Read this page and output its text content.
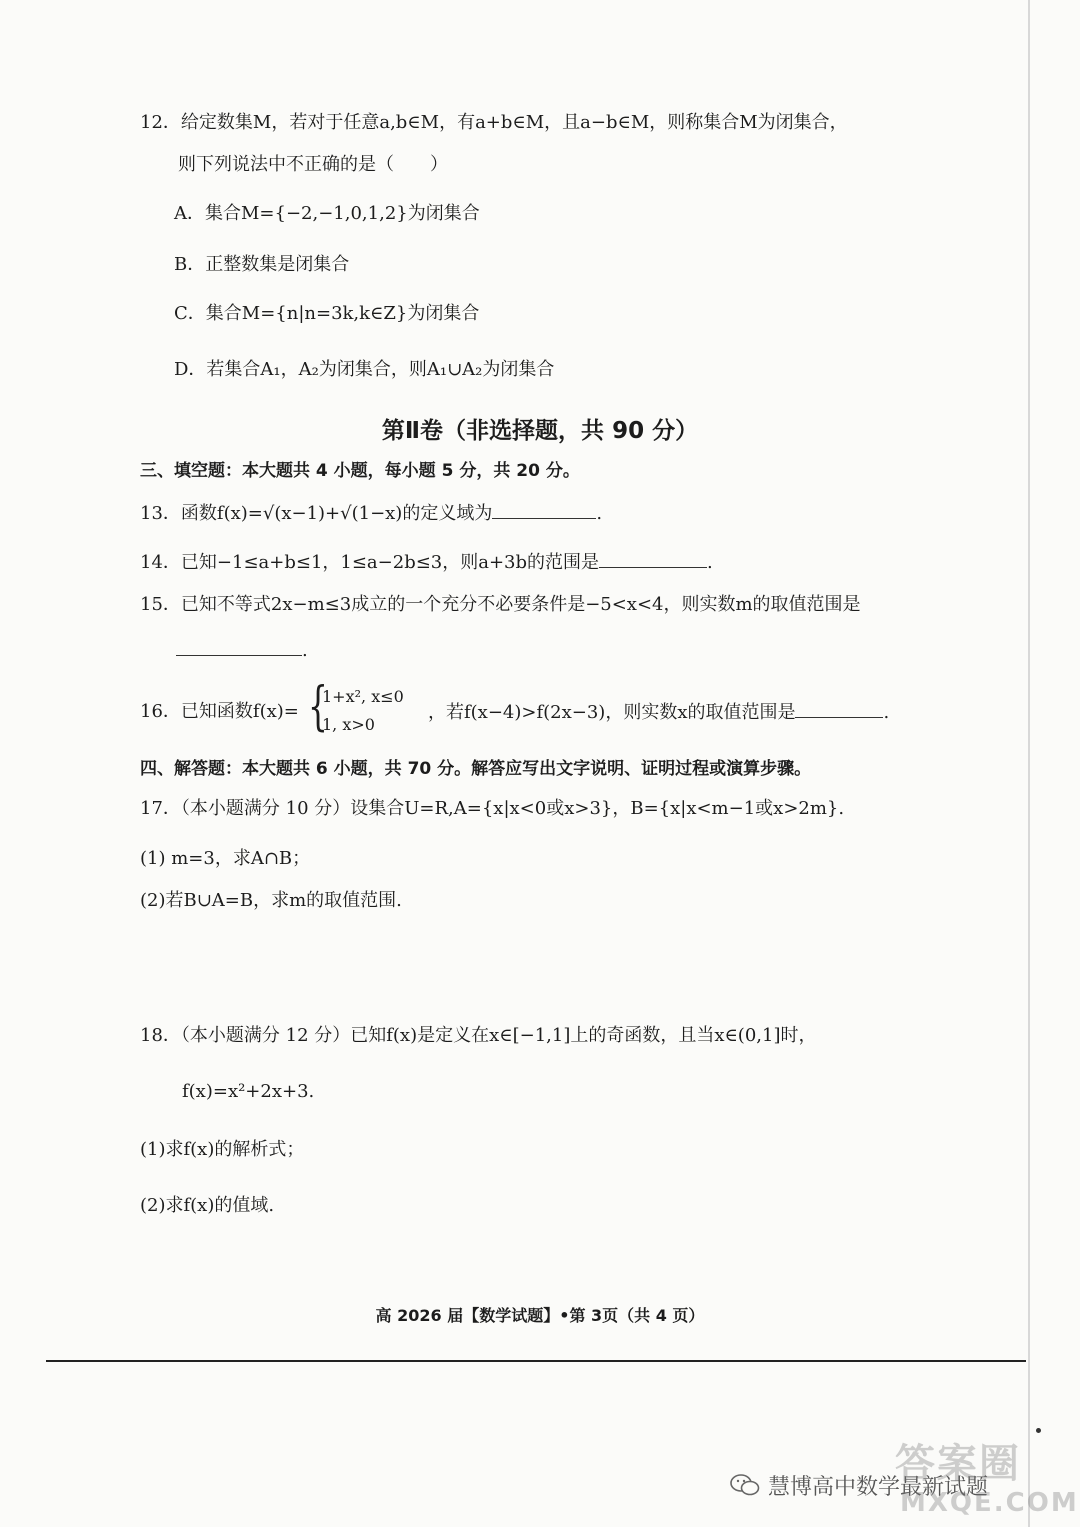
12．给定数集M，若对于任意a,b∈M，有a+b∈M，且a−b∈M，则称集合M为闭集合，
则下列说法中不正确的是（　　）
A．集合M={−2,−1,0,1,2}为闭集合
B．正整数集是闭集合
C．集合M={n|n=3k,k∈Z}为闭集合
D．若集合A₁，A₂为闭集合，则A₁∪A₂为闭集合
第Ⅱ卷（非选择题，共 90 分）
三、填空题：本大题共 4 小题，每小题 5 分，共 20 分。
13．函数f(x)=√(x−1)+√(1−x)的定义域为	.
14．已知−1≤a+b≤1，1≤a−2b≤3，则a+3b的范围是	.
15．已知不等式2x−m≤3成立的一个充分不必要条件是−5<x<4，则实数m的取值范围是
.
16．已知函数f(x)= {
1+x², x≤0
1, x>0
，若f(x−4)>f(2x−3)，则实数x的取值范围是	.
四、解答题：本大题共 6 小题，共 70 分。解答应写出文字说明、证明过程或演算步骤。
17．（本小题满分 10 分）设集合U=R,A={x|x<0或x>3}，B={x|x<m−1或x>2m}.
(1) m=3，求A∩B；
(2)若B∪A=B，求m的取值范围.
18．（本小题满分 12 分）已知f(x)是定义在x∈[−1,1]上的奇函数，且当x∈(0,1]时，
f(x)=x²+2x+3.
(1)求f(x)的解析式；
(2)求f(x)的值域.
高 2026 届【数学试题】•第 3页（共 4 页）
慧博高中数学最新试题
答案圈
MXQE.COM
